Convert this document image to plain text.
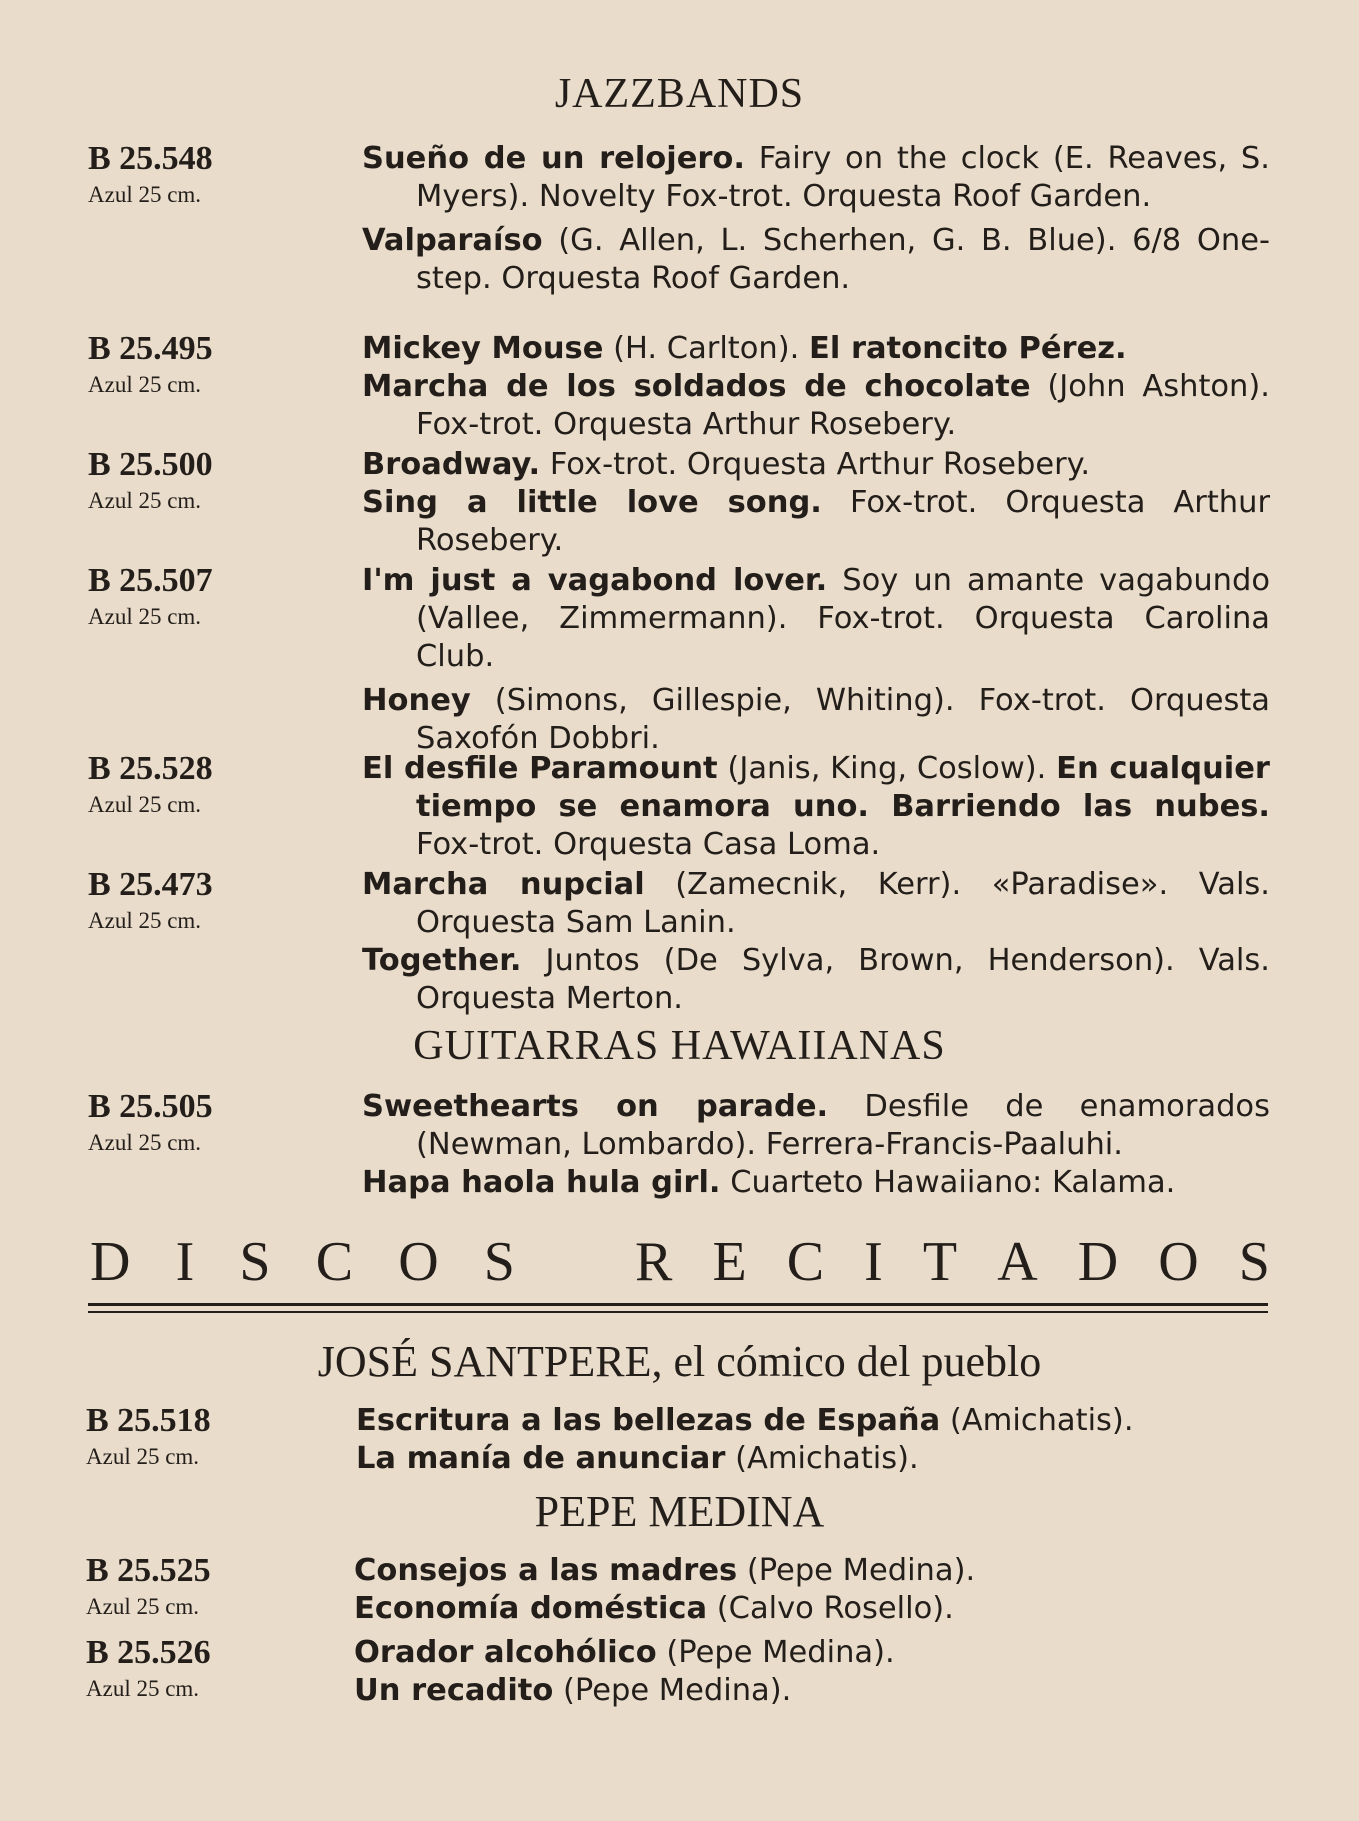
JAZZBANDS
B 25.548
Azul 25 cm.
Sueño de un relojero. Fairy on the clock (E. Reaves, S. Myers). Novelty Fox-trot. Orquesta Roof Garden.
Valparaíso (G. Allen, L. Scherhen, G. B. Blue). 6/8 One-step. Orquesta Roof Garden.
B 25.495
Azul 25 cm.
Mickey Mouse (H. Carlton). El ratoncito Pérez.
Marcha de los soldados de chocolate (John Ashton). Fox-trot. Orquesta Arthur Rosebery.
B 25.500
Azul 25 cm.
Broadway. Fox-trot. Orquesta Arthur Rosebery.
Sing a little love song. Fox-trot. Orquesta Arthur Rosebery.
B 25.507
Azul 25 cm.
I'm just a vagabond lover. Soy un amante vagabundo (Vallee, Zimmermann). Fox-trot. Orquesta Carolina Club.
Honey (Simons, Gillespie, Whiting). Fox-trot. Orquesta Saxofón Dobbri.
B 25.528
Azul 25 cm.
El desfile Paramount (Janis, King, Coslow). En cualquier tiempo se enamora uno. Barriendo las nubes. Fox-trot. Orquesta Casa Loma.
B 25.473
Azul 25 cm.
Marcha nupcial (Zamecnik, Kerr). «Paradise». Vals. Orquesta Sam Lanin.
Together. Juntos (De Sylva, Brown, Henderson). Vals. Orquesta Merton.
GUITARRAS HAWAIIANAS
B 25.505
Azul 25 cm.
Sweethearts on parade. Desfile de enamorados (Newman, Lombardo). Ferrera-Francis-Paaluhi.
Hapa haola hula girl. Cuarteto Hawaiiano: Kalama.
D I S C O S R E C I T A D O S
JOSÉ SANTPERE, el cómico del pueblo
B 25.518
Azul 25 cm.
Escritura a las bellezas de España (Amichatis).
La manía de anunciar (Amichatis).
PEPE MEDINA
B 25.525
Azul 25 cm.
Consejos a las madres (Pepe Medina).
Economía doméstica (Calvo Rosello).
B 25.526
Azul 25 cm.
Orador alcohólico (Pepe Medina).
Un recadito (Pepe Medina).
